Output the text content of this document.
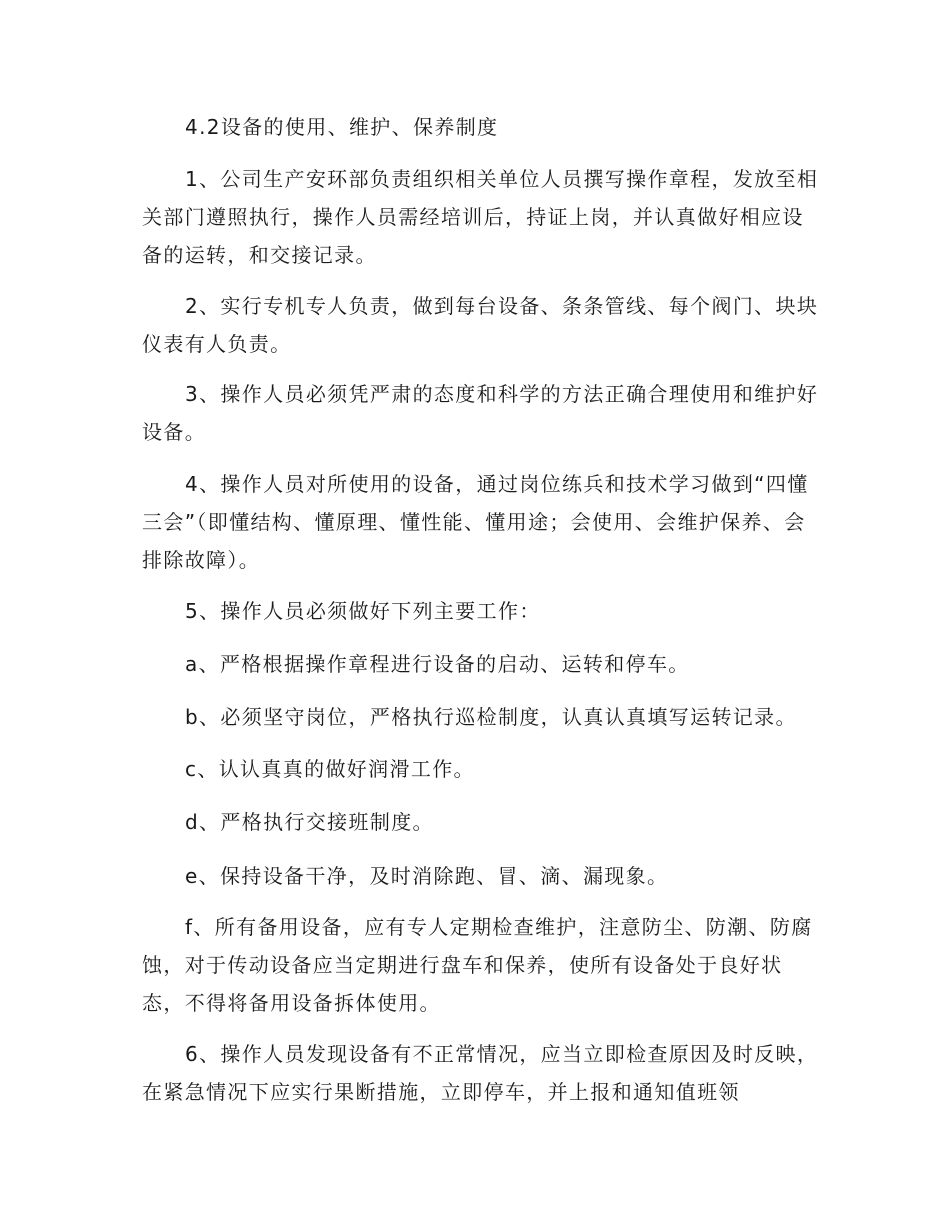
4.2设备的使用、维护、保养制度

1、公司生产安环部负责组织相关单位人员撰写操作章程，发放至相关部门遵照执行，操作人员需经培训后，持证上岗，并认真做好相应设备的运转，和交接记录。

2、实行专机专人负责，做到每台设备、条条管线、每个阀门、块块仪表有人负责。

3、操作人员必须凭严肃的态度和科学的方法正确合理使用和维护好设备。

4、操作人员对所使用的设备，通过岗位练兵和技术学习做到“四懂三会”（即懂结构、懂原理、懂性能、懂用途；会使用、会维护保养、会排除故障）。

5、操作人员必须做好下列主要工作：

a、严格根据操作章程进行设备的启动、运转和停车。

b、必须坚守岗位，严格执行巡检制度，认真认真填写运转记录。

c、认认真真的做好润滑工作。

d、严格执行交接班制度。

e、保持设备干净，及时消除跑、冒、滴、漏现象。

f、所有备用设备，应有专人定期检查维护，注意防尘、防潮、防腐蚀，对于传动设备应当定期进行盘车和保养，使所有设备处于良好状态，不得将备用设备拆体使用。

6、操作人员发现设备有不正常情况，应当立即检查原因及时反映，在紧急情况下应实行果断措施，立即停车，并上报和通知值班领
